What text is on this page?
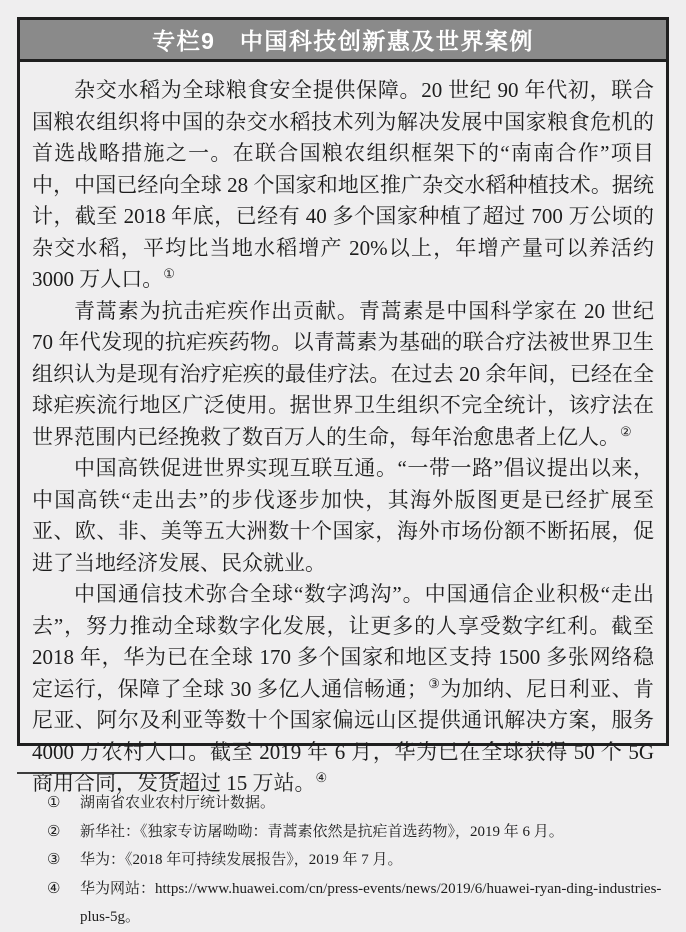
专栏9　中国科技创新惠及世界案例

杂交水稻为全球粮食安全提供保障。20 世纪 90 年代初，联合国粮农组织将中国的杂交水稻技术列为解决发展中国家粮食危机的首选战略措施之一。在联合国粮农组织框架下的“南南合作”项目中，中国已经向全球 28 个国家和地区推广杂交水稻种植技术。据统计，截至 2018 年底，已经有 40 多个国家种植了超过 700 万公顷的杂交水稻，平均比当地水稻增产 20%以上，年增产量可以养活约 3000 万人口。①

青蒿素为抗击疟疾作出贡献。青蒿素是中国科学家在 20 世纪 70 年代发现的抗疟疾药物。以青蒿素为基础的联合疗法被世界卫生组织认为是现有治疗疟疾的最佳疗法。在过去 20 余年间，已经在全球疟疾流行地区广泛使用。据世界卫生组织不完全统计，该疗法在世界范围内已经挽救了数百万人的生命，每年治愈患者上亿人。②

中国高铁促进世界实现互联互通。“一带一路”倡议提出以来，中国高铁“走出去”的步伐逐步加快，其海外版图更是已经扩展至亚、欧、非、美等五大洲数十个国家，海外市场份额不断拓展，促进了当地经济发展、民众就业。

中国通信技术弥合全球“数字鸿沟”。中国通信企业积极“走出去”，努力推动全球数字化发展，让更多的人享受数字红利。截至 2018 年，华为已在全球 170 多个国家和地区支持 1500 多张网络稳定运行，保障了全球 30 多亿人通信畅通；③为加纳、尼日利亚、肯尼亚、阿尔及利亚等数十个国家偏远山区提供通讯解决方案，服务 4000 万农村人口。截至 2019 年 6 月，华为已在全球获得 50 个 5G 商用合同，发货超过 15 万站。④

①	湖南省农业农村厅统计数据。
②	新华社：《独家专访屠呦呦：青蒿素依然是抗疟首选药物》，2019 年 6 月。
③	华为：《2018 年可持续发展报告》，2019 年 7 月。
④	华为网站：https://www.huawei.com/cn/press-events/news/2019/6/huawei-ryan-ding-industries-plus-5g。
